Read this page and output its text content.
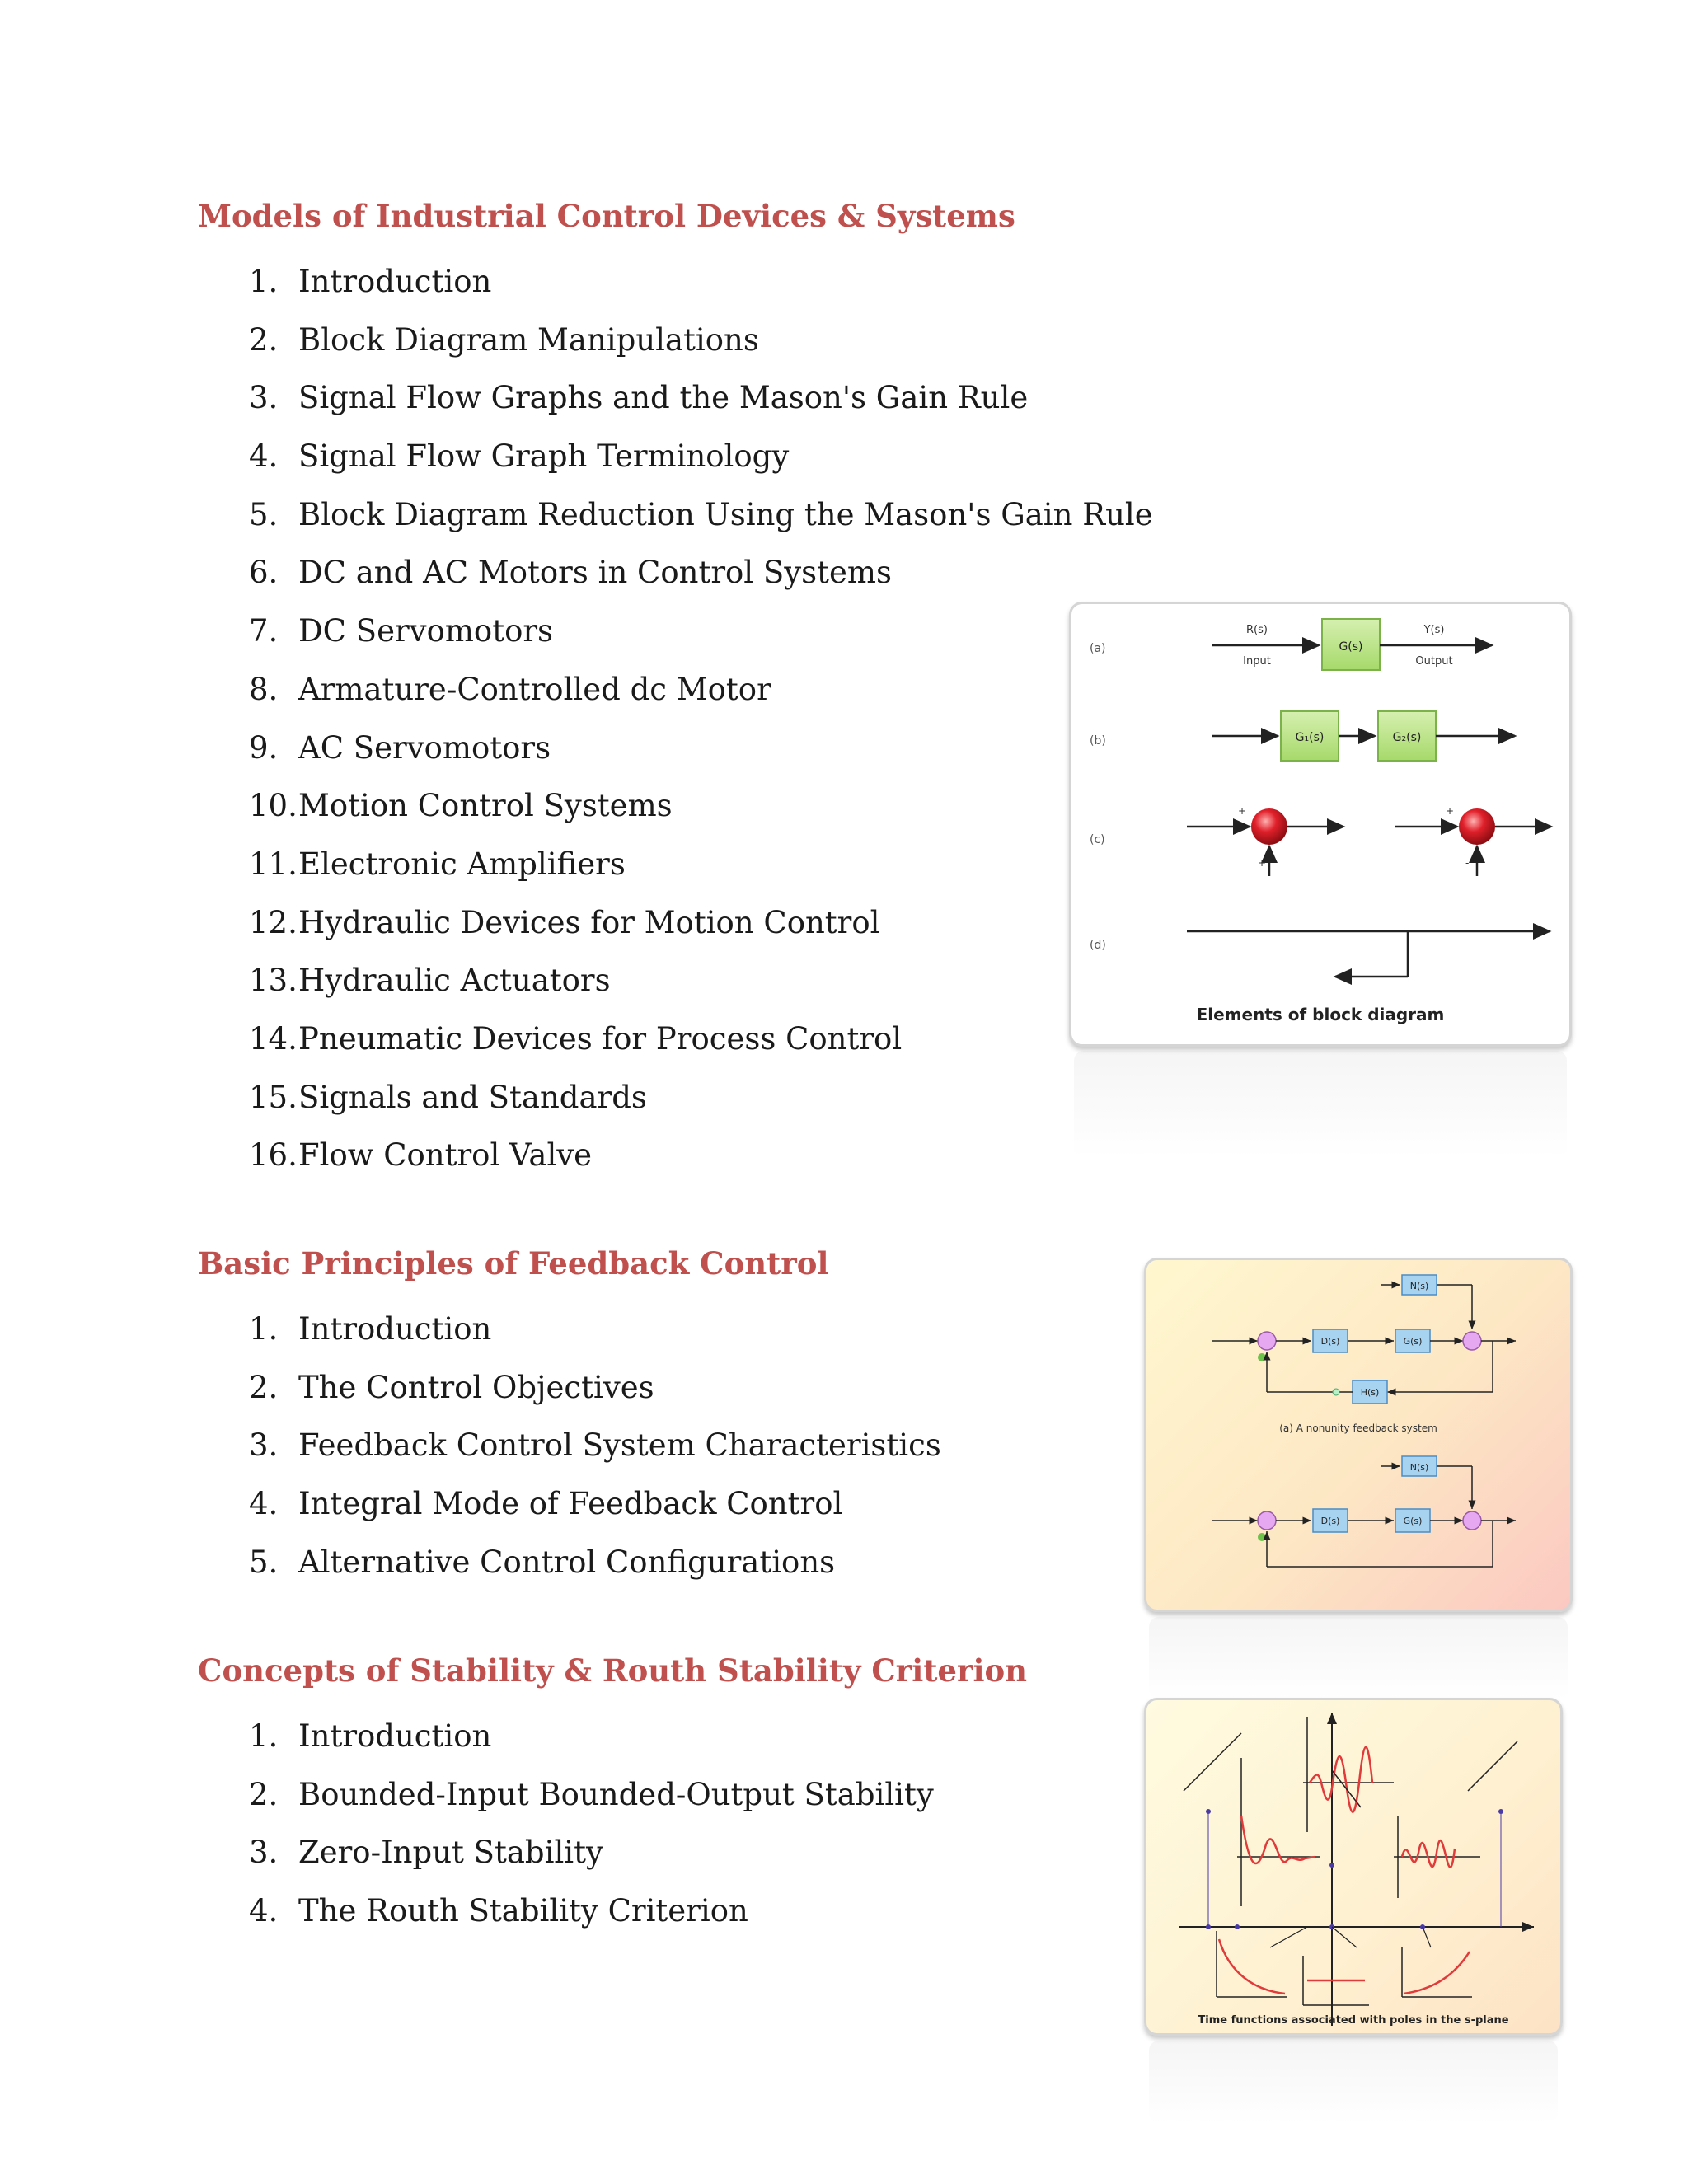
Models of Industrial Control Devices & Systems
1. Introduction
2. Block Diagram Manipulations
3. Signal Flow Graphs and the Mason's Gain Rule
4. Signal Flow Graph Terminology
5. Block Diagram Reduction Using the Mason's Gain Rule
6. DC and AC Motors in Control Systems
7. DC Servomotors
8. Armature-Controlled dc Motor
9. AC Servomotors
10. Motion Control Systems
11. Electronic Amplifiers
12. Hydraulic Devices for Motion Control
13. Hydraulic Actuators
14. Pneumatic Devices for Process Control
15. Signals and Standards
16. Flow Control Valve
Basic Principles of Feedback Control
1. Introduction
2. The Control Objectives
3. Feedback Control System Characteristics
4. Integral Mode of Feedback Control
5. Alternative Control Configurations
Concepts of Stability & Routh Stability Criterion
1. Introduction
2. Bounded-Input Bounded-Output Stability
3. Zero-Input Stability
4. The Routh Stability Criterion
(a)
(b)
(c)
(d)
G(s)
R(s)
Input
Y(s)
Output
G₁(s)	G₂(s)
+
+
+
-
Elements of block diagram
N(s)
D(s)	G(s)
H(s)
(a) A nonunity feedback system
N(s)
D(s)	G(s)
Time functions associated with poles in the s-plane
